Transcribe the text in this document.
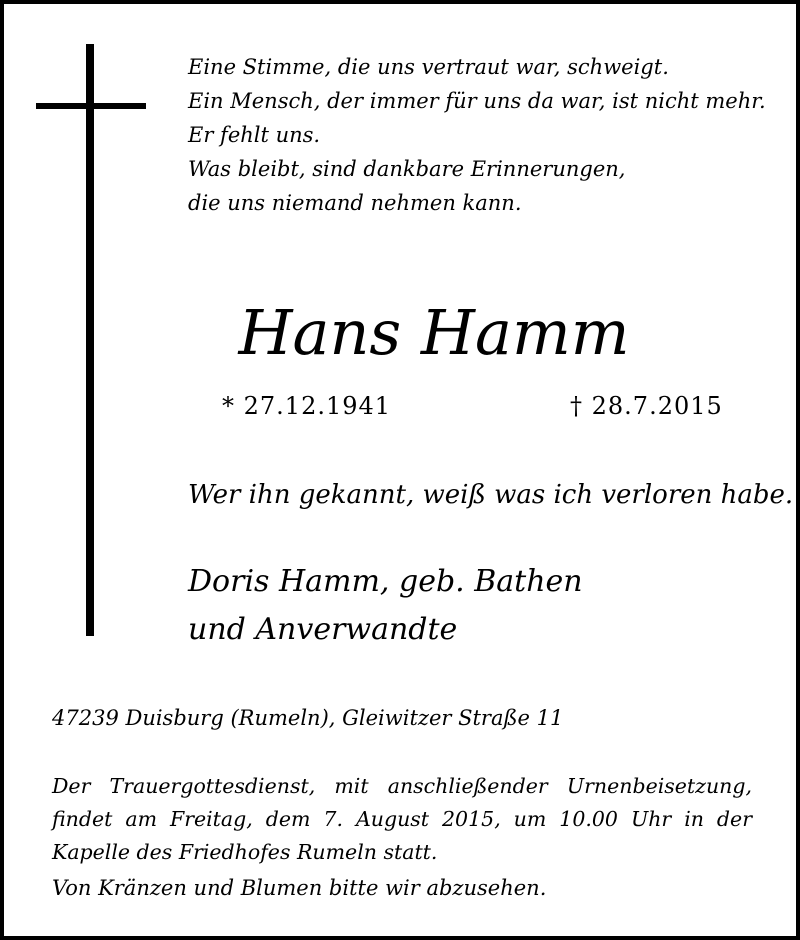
Eine Stimme, die uns vertraut war, schweigt.
Ein Mensch, der immer für uns da war, ist nicht mehr.
Er fehlt uns.
Was bleibt, sind dankbare Erinnerungen,
die uns niemand nehmen kann.
Hans Hamm
* 27.12.1941	† 28.7.2015
Wer ihn gekannt, weiß was ich verloren habe.
Doris Hamm, geb. Bathen
und Anverwandte
47239 Duisburg (Rumeln), Gleiwitzer Straße 11
Der Trauergottesdienst, mit anschließender Urnenbeisetzung, findet am Freitag, dem 7. August 2015, um 10.00 Uhr in der Kapelle des Friedhofes Rumeln statt.
Von Kränzen und Blumen bitte wir abzusehen.
